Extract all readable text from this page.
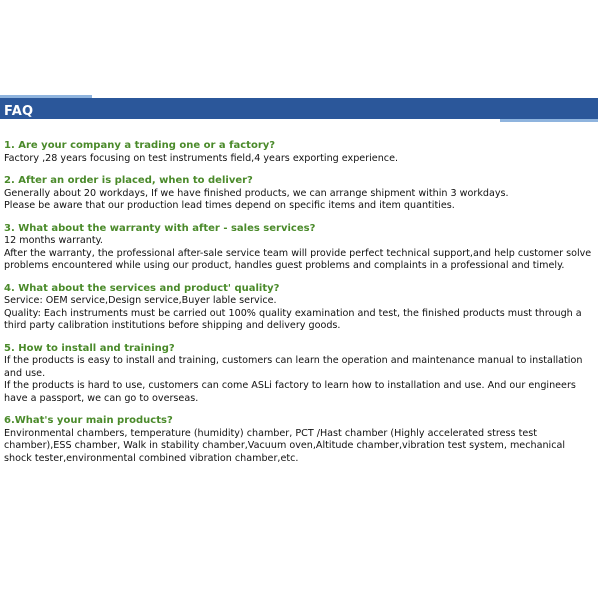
FAQ

1. Are your company a trading one or a factory?

Factory ,28 years focusing on test instruments field,4 years exporting experience.

2. After an order is placed, when to deliver?

Generally about 20 workdays, If we have finished products, we can arrange shipment within 3 workdays.

Please be aware that our production lead times depend on specific items and item quantities.

3. What about the warranty with after - sales services?

12 months warranty.

After the warranty, the professional after-sale service team will provide perfect technical support,and help customer solve problems encountered while using our product, handles guest problems and complaints in a professional and timely.

4. What about the services and product' quality?

Service: OEM service,Design service,Buyer lable service.

Quality: Each instruments must be carried out 100% quality examination and test, the finished products must through a third party calibration institutions before shipping and delivery goods.

5. How to install and training?

If the products is easy to install and training, customers can learn the operation and maintenance manual to installation and use.

If the products is hard to use, customers can come ASLi factory to learn how to installation and use. And our engineers have a passport, we can go to overseas.

6.What's your main products?

Environmental chambers, temperature (humidity) chamber, PCT /Hast chamber (Highly accelerated stress test chamber),ESS chamber, Walk in stability chamber,Vacuum oven,Altitude chamber,vibration test system, mechanical shock tester,environmental combined vibration chamber,etc.
